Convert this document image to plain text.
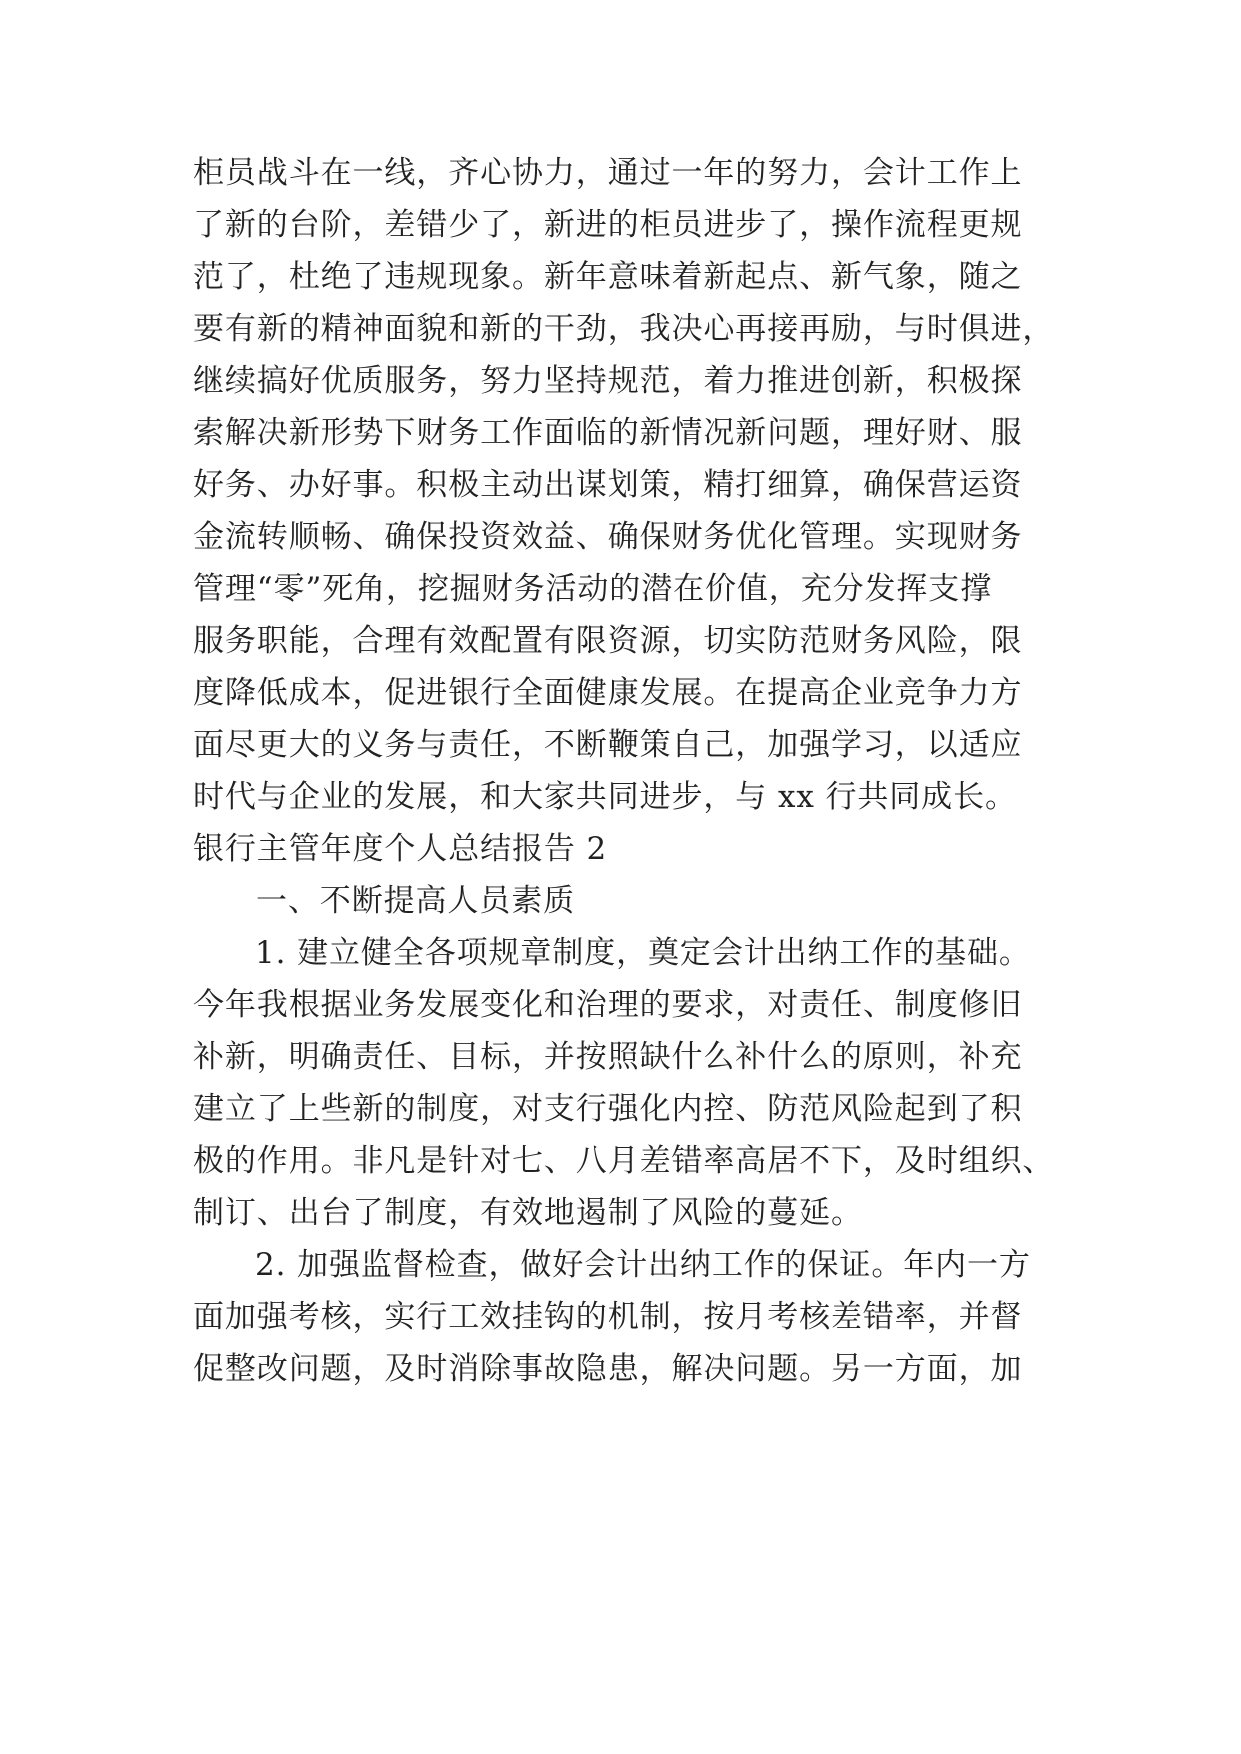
柜员战斗在一线，齐心协力，通过一年的努力，会计工作上
了新的台阶，差错少了，新进的柜员进步了，操作流程更规
范了，杜绝了违规现象。新年意味着新起点、新气象，随之
要有新的精神面貌和新的干劲，我决心再接再励，与时俱进，
继续搞好优质服务，努力坚持规范，着力推进创新，积极探
索解决新形势下财务工作面临的新情况新问题，理好财、服
好务、办好事。积极主动出谋划策，精打细算，确保营运资
金流转顺畅、确保投资效益、确保财务优化管理。实现财务
管理“零”死角，挖掘财务活动的潜在价值，充分发挥支撑
服务职能，合理有效配置有限资源，切实防范财务风险，限
度降低成本，促进银行全面健康发展。在提高企业竞争力方
面尽更大的义务与责任，不断鞭策自己，加强学习，以适应
时代与企业的发展，和大家共同进步，与 xx 行共同成长。
银行主管年度个人总结报告 2
一、不断提高人员素质
1. 建立健全各项规章制度，奠定会计出纳工作的基础。
今年我根据业务发展变化和治理的要求，对责任、制度修旧
补新，明确责任、目标，并按照缺什么补什么的原则，补充
建立了上些新的制度，对支行强化内控、防范风险起到了积
极的作用。非凡是针对七、八月差错率高居不下，及时组织、
制订、出台了制度，有效地遏制了风险的蔓延。
2. 加强监督检查，做好会计出纳工作的保证。年内一方
面加强考核，实行工效挂钩的机制，按月考核差错率，并督
促整改问题，及时消除事故隐患，解决问题。另一方面，加
